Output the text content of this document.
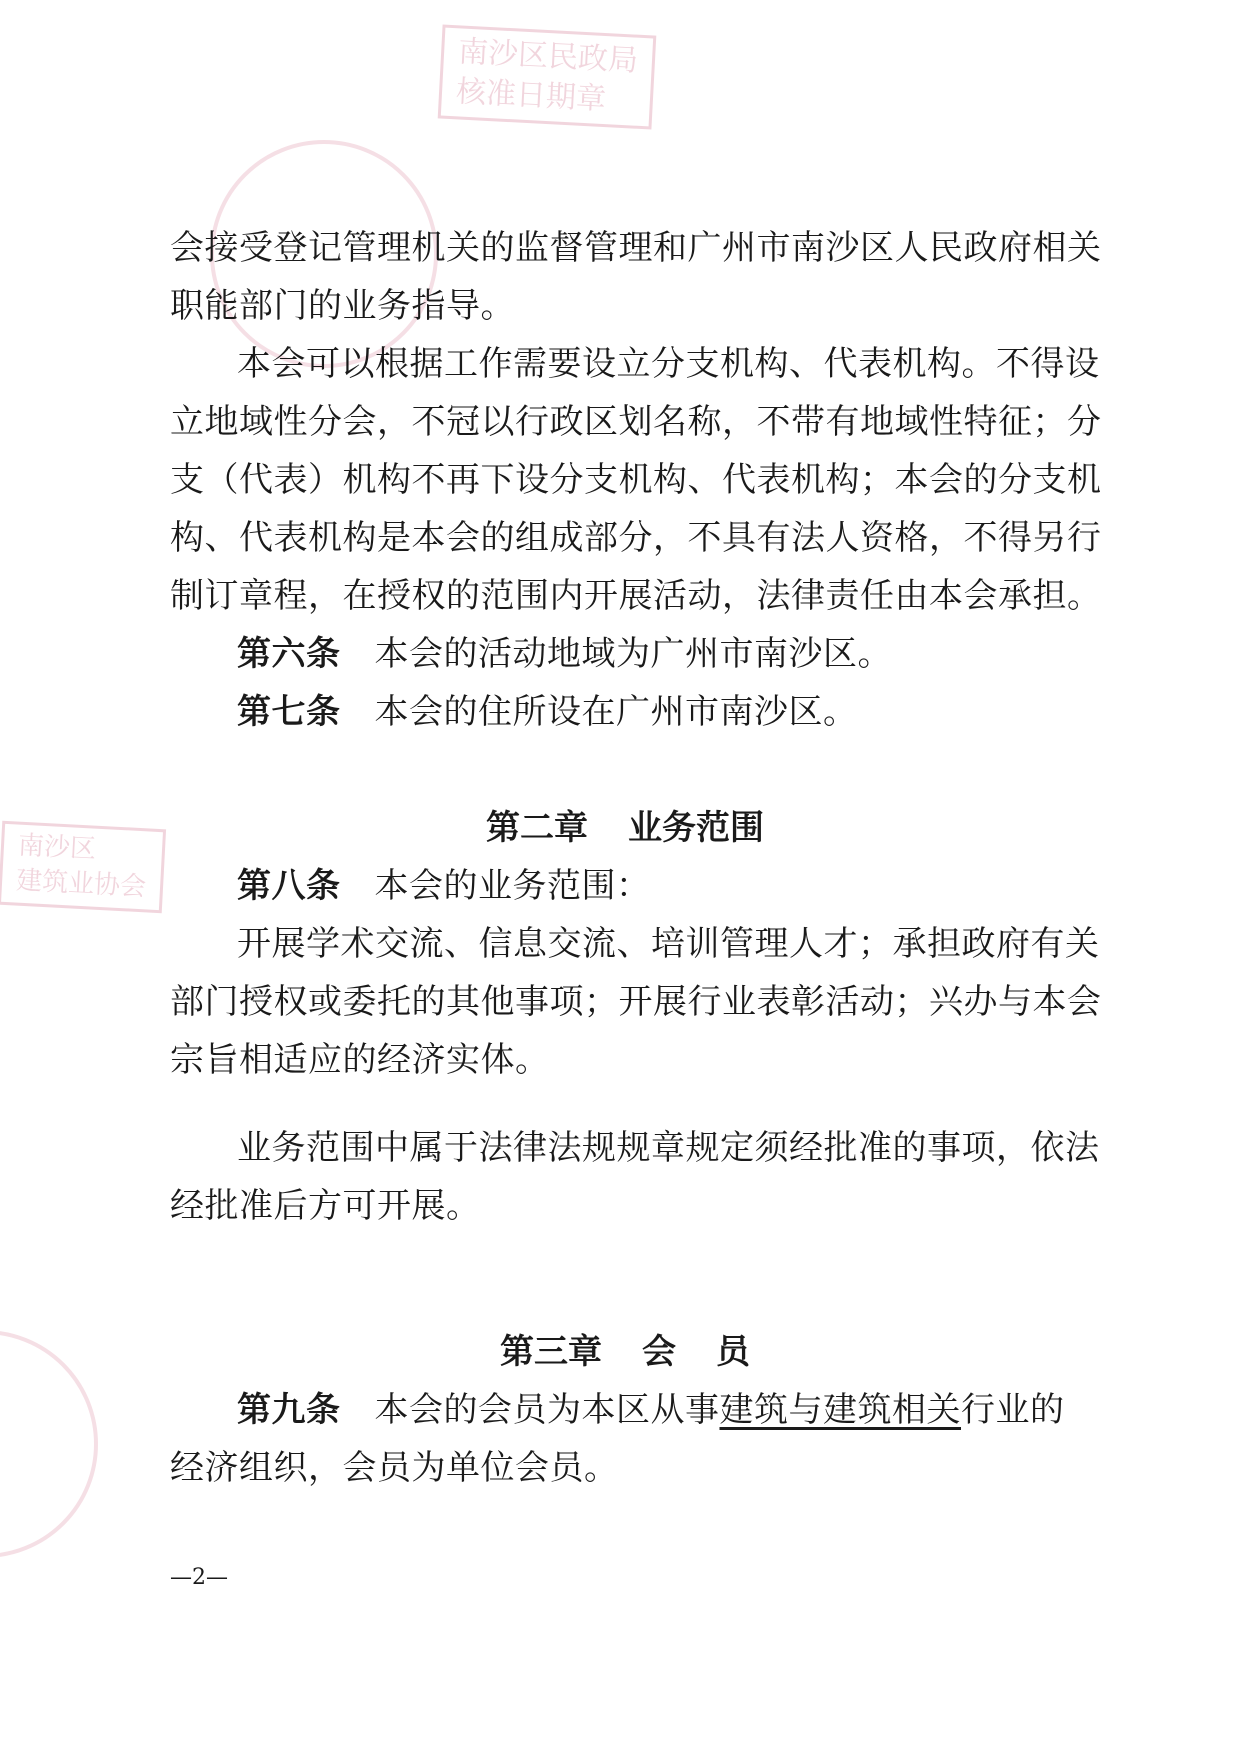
南沙区民政局
核准日期章
南沙区
建筑业协会
会接受登记管理机关的监督管理和广州市南沙区人民政府相关
职能部门的业务指导。
本会可以根据工作需要设立分支机构、代表机构。不得设
立地域性分会，不冠以行政区划名称，不带有地域性特征；分
支（代表）机构不再下设分支机构、代表机构；本会的分支机
构、代表机构是本会的组成部分，不具有法人资格，不得另行
制订章程，在授权的范围内开展活动，法律责任由本会承担。
第六条 本会的活动地域为广州市南沙区。
第七条 本会的住所设在广州市南沙区。
第二章 业务范围
第八条 本会的业务范围：
开展学术交流、信息交流、培训管理人才；承担政府有关
部门授权或委托的其他事项；开展行业表彰活动；兴办与本会
宗旨相适应的经济实体。
业务范围中属于法律法规规章规定须经批准的事项，依法
经批准后方可开展。
第三章 会 员
第九条 本会的会员为本区从事建筑与建筑相关行业的
经济组织，会员为单位会员。
—2—
